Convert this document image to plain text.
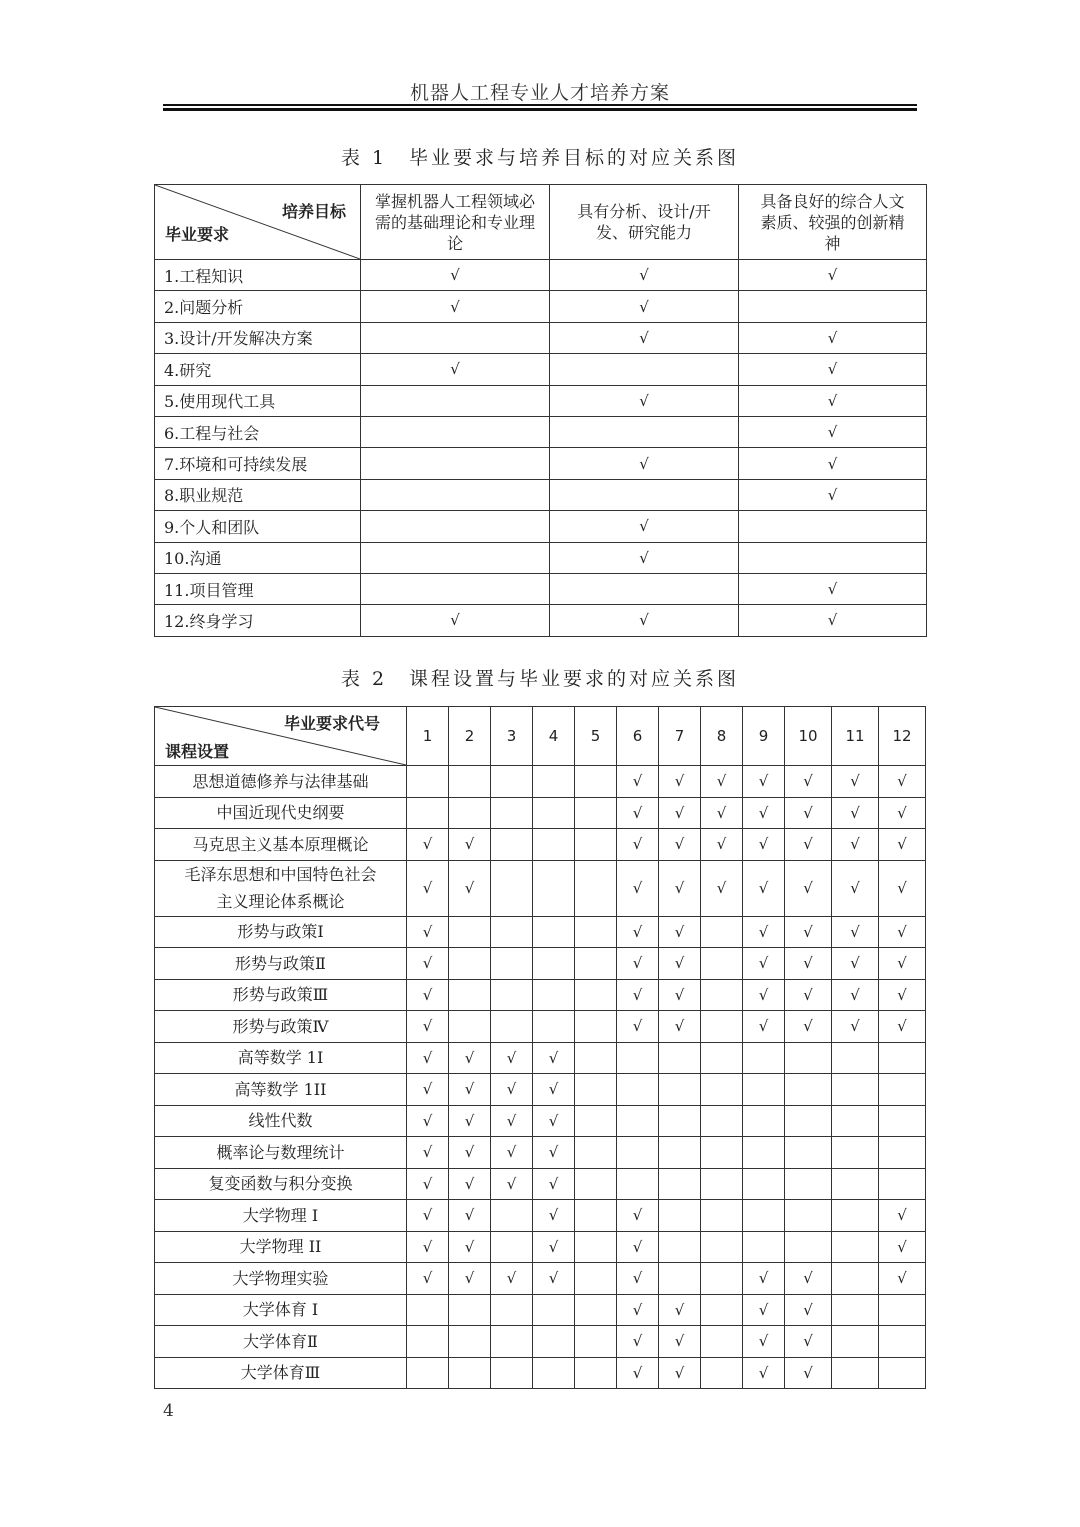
机器人工程专业人才培养方案
表 1　毕业要求与培养目标的对应关系图
培养目标
毕业要求	掌握机器人工程领域必需的基础理论和专业理论	具有分析、设计/开发、研究能力	具备良好的综合人文素质、较强的创新精神
1.工程知识	√	√	√
2.问题分析	√	√	
3.设计/开发解决方案		√	√
4.研究	√		√
5.使用现代工具		√	√
6.工程与社会			√
7.环境和可持续发展		√	√
8.职业规范			√
9.个人和团队		√	
10.沟通		√	
11.项目管理			√
12.终身学习	√	√	√
表 2　课程设置与毕业要求的对应关系图
毕业要求代号
课程设置	1	2	3	4	5	6	7	8	9	10	11	12
思想道德修养与法律基础						√	√	√	√	√	√	√
中国近现代史纲要						√	√	√	√	√	√	√
马克思主义基本原理概论	√	√				√	√	√	√	√	√	√

毛泽东思想和中国特色社会
主义理论体系概论	√	√				√	√	√	√	√	√	√
形势与政策Ⅰ	√					√	√		√	√	√	√
形势与政策Ⅱ	√					√	√		√	√	√	√
形势与政策Ⅲ	√					√	√		√	√	√	√
形势与政策Ⅳ	√					√	√		√	√	√	√
高等数学 1I	√	√	√	√								
高等数学 1II	√	√	√	√								
线性代数	√	√	√	√								
概率论与数理统计	√	√	√	√								
复变函数与积分变换	√	√	√	√								
大学物理 I	√	√		√		√						√
大学物理 II	√	√		√		√						√
大学物理实验	√	√	√	√		√			√	√		√
大学体育 I						√	√		√	√		
大学体育Ⅱ						√	√		√	√		
大学体育Ⅲ						√	√		√	√		
4
